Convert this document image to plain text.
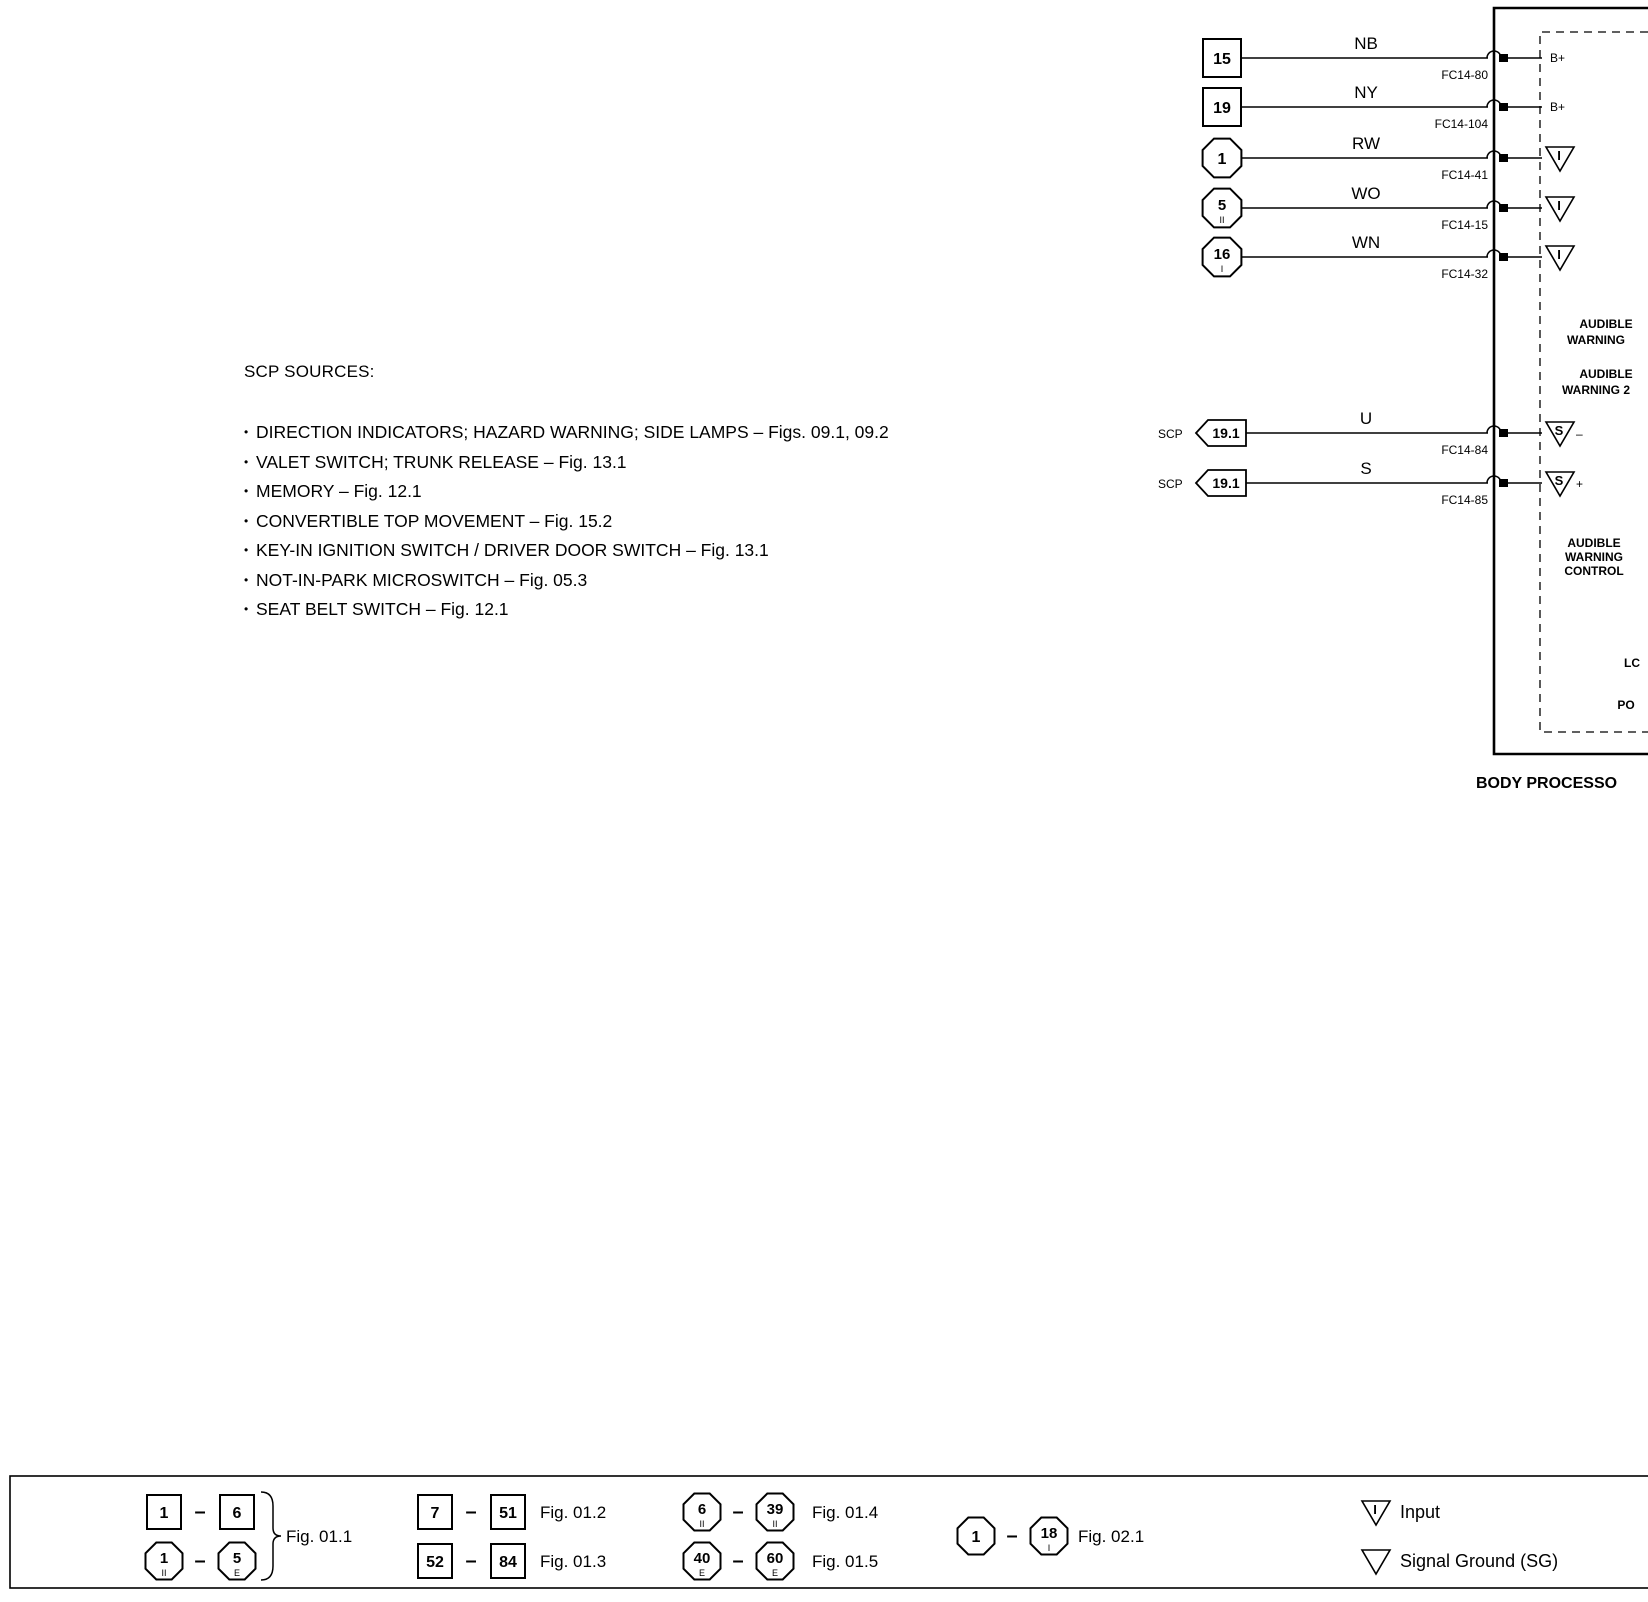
15
NB
FC14-80
B+
19
NY
FC14-104
B+
1
RW
FC14-41
I
5
II
WO
FC14-15
I
16
I
WN
FC14-32
I
SCP 19.1
U
FC14-84
S –
SCP 19.1
S
FC14-85
S +
AUDIBLE
WARNING
AUDIBLE
WARNING 2
AUDIBLE
WARNING
CONTROL
LC
PO
BODY PROCESSO
1 – 6
1
II
– 5
E
Fig. 01.1
7 – 51 Fig. 01.2
52 – 84 Fig. 01.3
6
II
– 39
II
Fig. 01.4
40
E
– 60
E
Fig. 01.5
1 – 18
I
Fig. 02.1
I Input
Signal Ground (SG)
SCP SOURCES:
• DIRECTION INDICATORS; HAZARD WARNING; SIDE LAMPS – Figs. 09.1, 09.2
• VALET SWITCH; TRUNK RELEASE – Fig. 13.1
• MEMORY – Fig. 12.1
• CONVERTIBLE TOP MOVEMENT – Fig. 15.2
• KEY-IN IGNITION SWITCH / DRIVER DOOR SWITCH – Fig. 13.1
• NOT-IN-PARK MICROSWITCH – Fig. 05.3
• SEAT BELT SWITCH – Fig. 12.1
